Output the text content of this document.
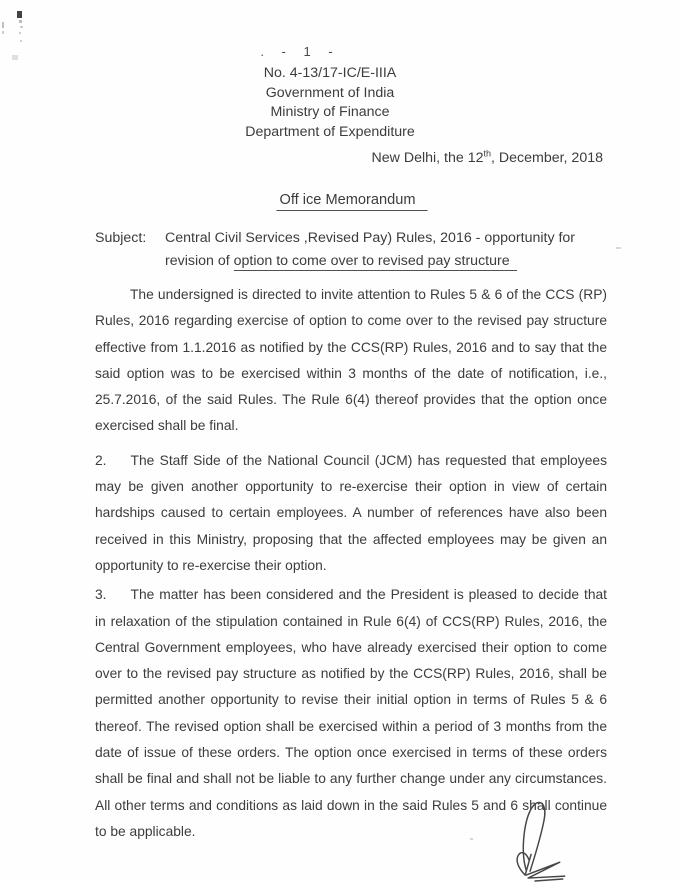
. - 1 -
No. 4-13/17-IC/E-IIIA
Government of India
Ministry of Finance
Department of Expenditure
New Delhi, the 12th, December, 2018
Off ice Memorandum
Subject:	Central Civil Services ,Revised Pay) Rules, 2016 - opportunity for
revision of option to come over to revised pay structure

The undersigned is directed to invite attention to Rules 5 & 6 of the CCS (RP) Rules, 2016 regarding exercise of option to come over to the revised pay structure effective from 1.1.2016 as notified by the CCS(RP) Rules, 2016 and to say that the said option was to be exercised within 3 months of the date of notification, i.e., 25.7.2016, of the said Rules. The Rule 6(4) thereof provides that the option once exercised shall be final.

2. The Staff Side of the National Council (JCM) has requested that employees may be given another opportunity to re-exercise their option in view of certain hardships caused to certain employees. A number of references have also been received in this Ministry, proposing that the affected employees may be given an opportunity to re-exercise their option.

3. The matter has been considered and the President is pleased to decide that in relaxation of the stipulation contained in Rule 6(4) of CCS(RP) Rules, 2016, the Central Government employees, who have already exercised their option to come over to the revised pay structure as notified by the CCS(RP) Rules, 2016, shall be permitted another opportunity to revise their initial option in terms of Rules 5 & 6 thereof. The revised option shall be exercised within a period of 3 months from the date of issue of these orders. The option once exercised in terms of these orders shall be final and shall not be liable to any further change under any circumstances. All other terms and conditions as laid down in the said Rules 5 and 6 shall continue to be applicable.
